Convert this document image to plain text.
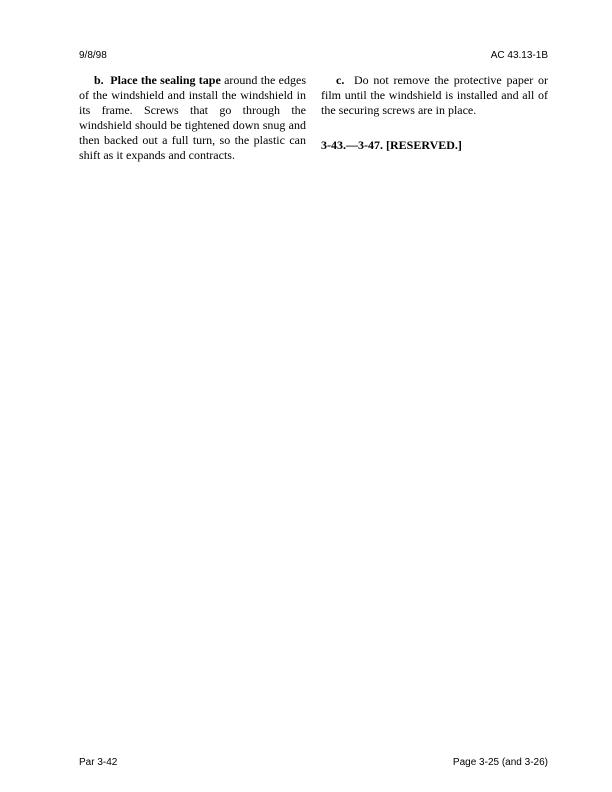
9/8/98	AC 43.13-1B

b. Place the sealing tape around the edges of the windshield and install the windshield in its frame. Screws that go through the windshield should be tightened down snug and then backed out a full turn, so the plastic can shift as it expands and contracts.

c. Do not remove the protective paper or film until the windshield is installed and all of the securing screws are in place.

3-43.—3-47. [RESERVED.]

Par 3-42	Page 3-25 (and 3-26)
